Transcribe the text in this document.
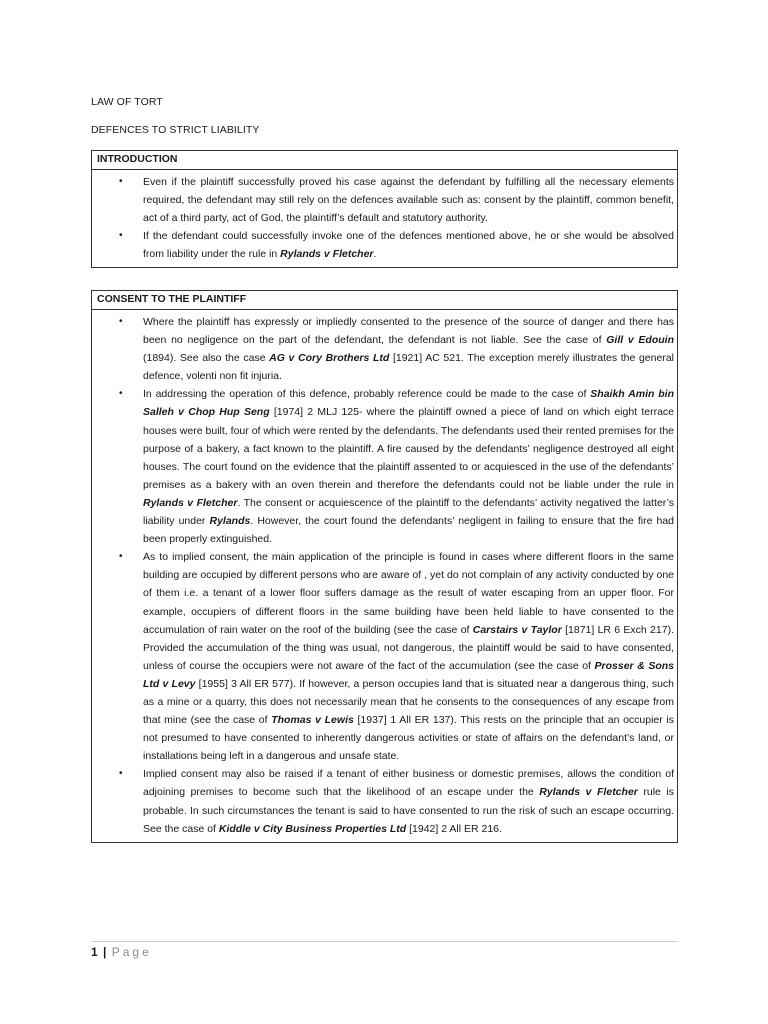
LAW OF TORT

DEFENCES TO STRICT LIABILITY

INTRODUCTION

• Even if the plaintiff successfully proved his case against the defendant by fulfilling all the necessary elements required, the defendant may still rely on the defences available such as: consent by the plaintiff, common benefit, act of a third party, act of God, the plaintiff’s default and statutory authority.
• If the defendant could successfully invoke one of the defences mentioned above, he or she would be absolved from liability under the rule in Rylands v Fletcher.
CONSENT TO THE PLAINTIFF

• Where the plaintiff has expressly or impliedly consented to the presence of the source of danger and there has been no negligence on the part of the defendant, the defendant is not liable. See the case of Gill v Edouin (1894). See also the case AG v Cory Brothers Ltd [1921] AC 521. The exception merely illustrates the general defence, volenti non fit injuria.
• In addressing the operation of this defence, probably reference could be made to the case of Shaikh Amin bin Salleh v Chop Hup Seng [1974] 2 MLJ 125- where the plaintiff owned a piece of land on which eight terrace houses were built, four of which were rented by the defendants. The defendants used their rented premises for the purpose of a bakery, a fact known to the plaintiff. A fire caused by the defendants’ negligence destroyed all eight houses. The court found on the evidence that the plaintiff assented to or acquiesced in the use of the defendants’ premises as a bakery with an oven therein and therefore the defendants could not be liable under the rule in Rylands v Fletcher. The consent or acquiescence of the plaintiff to the defendants’ activity negatived the latter’s liability under Rylands. However, the court found the defendants’ negligent in failing to ensure that the fire had been properly extinguished.
• As to implied consent, the main application of the principle is found in cases where different floors in the same building are occupied by different persons who are aware of , yet do not complain of any activity conducted by one of them i.e. a tenant of a lower floor suffers damage as the result of water escaping from an upper floor. For example, occupiers of different floors in the same building have been held liable to have consented to the accumulation of rain water on the roof of the building (see the case of Carstairs v Taylor [1871] LR 6 Exch 217). Provided the accumulation of the thing was usual, not dangerous, the plaintiff would be said to have consented, unless of course the occupiers were not aware of the fact of the accumulation (see the case of Prosser & Sons Ltd v Levy [1955] 3 All ER 577). If however, a person occupies land that is situated near a dangerous thing, such as a mine or a quarry, this does not necessarily mean that he consents to the consequences of any escape from that mine (see the case of Thomas v Lewis [1937] 1 All ER 137). This rests on the principle that an occupier is not presumed to have consented to inherently dangerous activities or state of affairs on the defendant’s land, or installations being left in a dangerous and unsafe state.
• Implied consent may also be raised if a tenant of either business or domestic premises, allows the condition of adjoining premises to become such that the likelihood of an escape under the Rylands v Fletcher rule is probable. In such circumstances the tenant is said to have consented to run the risk of such an escape occurring. See the case of Kiddle v City Business Properties Ltd [1942] 2 All ER 216.
1 | Page
